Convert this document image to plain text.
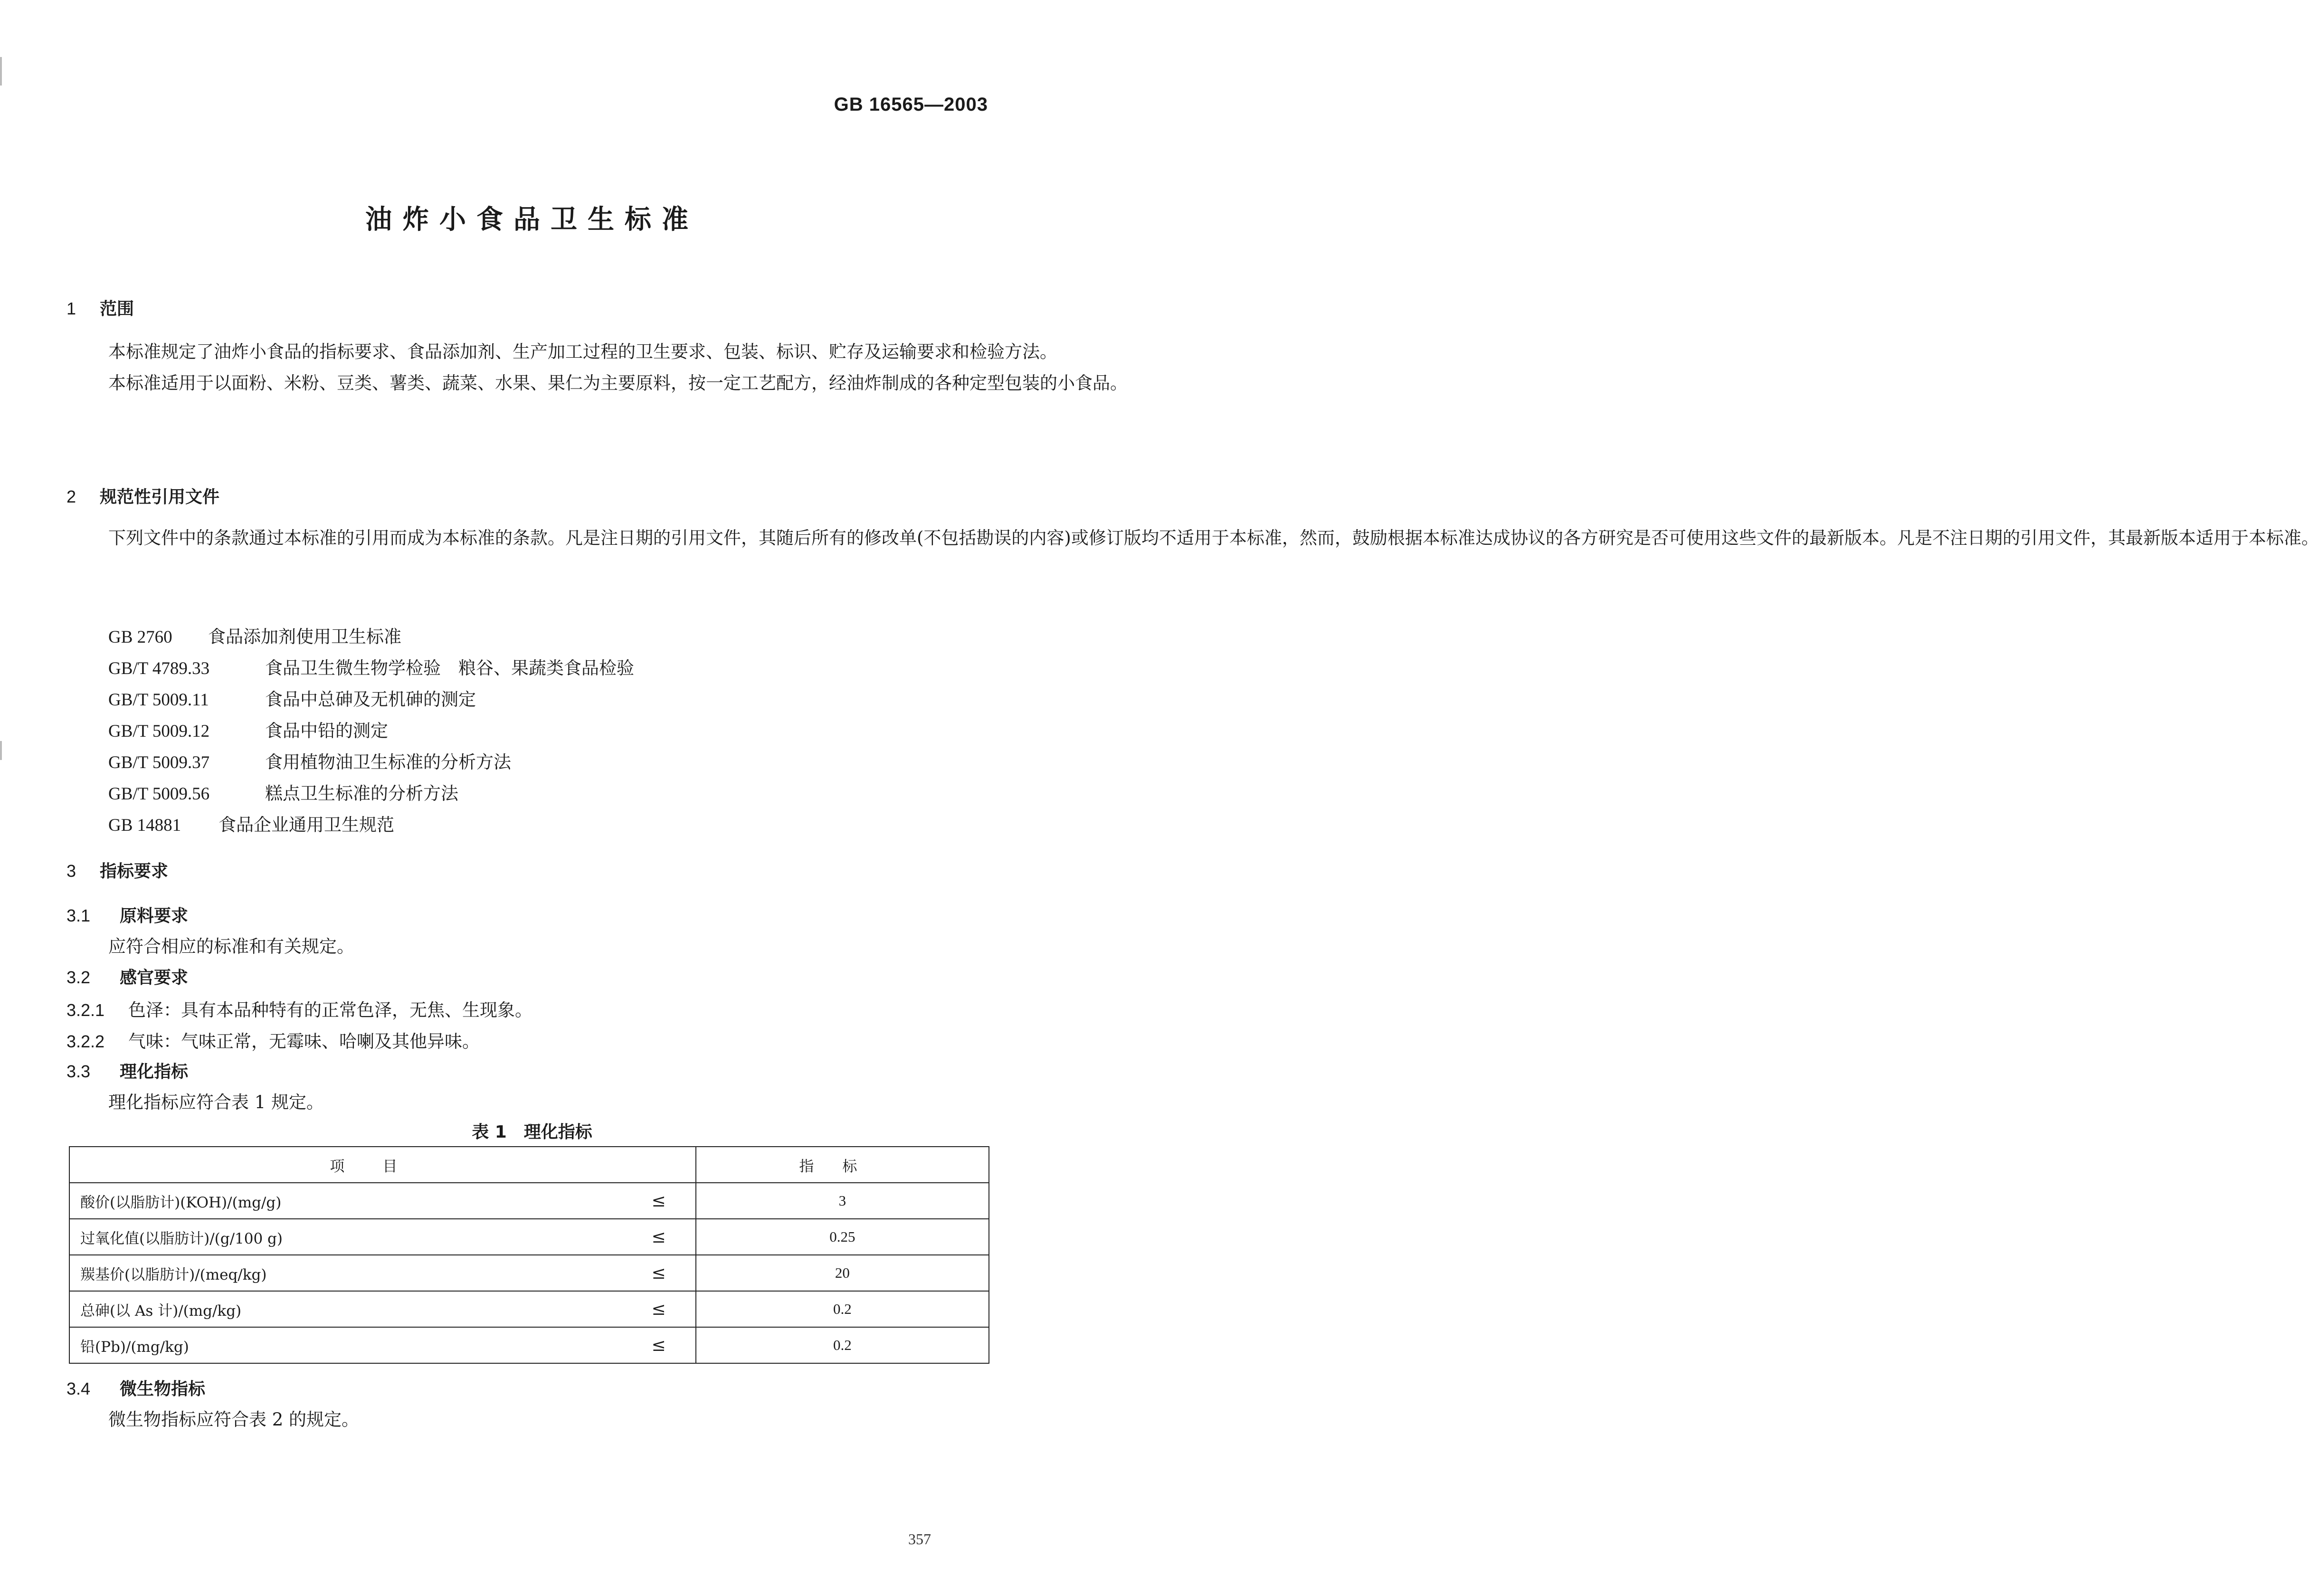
GB 16565—2003
油炸小食品卫生标准
1 范围

本标准规定了油炸小食品的指标要求、食品添加剂、生产加工过程的卫生要求、包装、标识、贮存及运输要求和检验方法。

本标准适用于以面粉、米粉、豆类、薯类、蔬菜、水果、果仁为主要原料，按一定工艺配方，经油炸制成的各种定型包装的小食品。

2 规范性引用文件

下列文件中的条款通过本标准的引用而成为本标准的条款。凡是注日期的引用文件，其随后所有的修改单(不包括勘误的内容)或修订版均不适用于本标准，然而，鼓励根据本标准达成协议的各方研究是否可使用这些文件的最新版本。凡是不注日期的引用文件，其最新版本适用于本标准。

GB 2760 食品添加剂使用卫生标准
GB/T 4789.33	食品卫生微生物学检验　粮谷、果蔬类食品检验
GB/T 5009.11	食品中总砷及无机砷的测定
GB/T 5009.12	食品中铅的测定
GB/T 5009.37	食用植物油卫生标准的分析方法
GB/T 5009.56	糕点卫生标准的分析方法
GB 14881 食品企业通用卫生规范
3 指标要求
3.1 原料要求
应符合相应的标准和有关规定。
3.2 感官要求
3.2.1 色泽：具有本品种特有的正常色泽，无焦、生现象。
3.2.2 气味：气味正常，无霉味、哈喇及其他异味。
3.3 理化指标
理化指标应符合表 1 规定。
表 1　理化指标
项目		指标
酸价(以脂肪计)(KOH)/(mg/g)	≤	3
过氧化值(以脂肪计)/(g/100 g)	≤	0.25
羰基价(以脂肪计)/(meq/kg)	≤	20
总砷(以 As 计)/(mg/kg)	≤	0.2
铅(Pb)/(mg/kg)	≤	0.2
3.4 微生物指标
微生物指标应符合表 2 的规定。
357
